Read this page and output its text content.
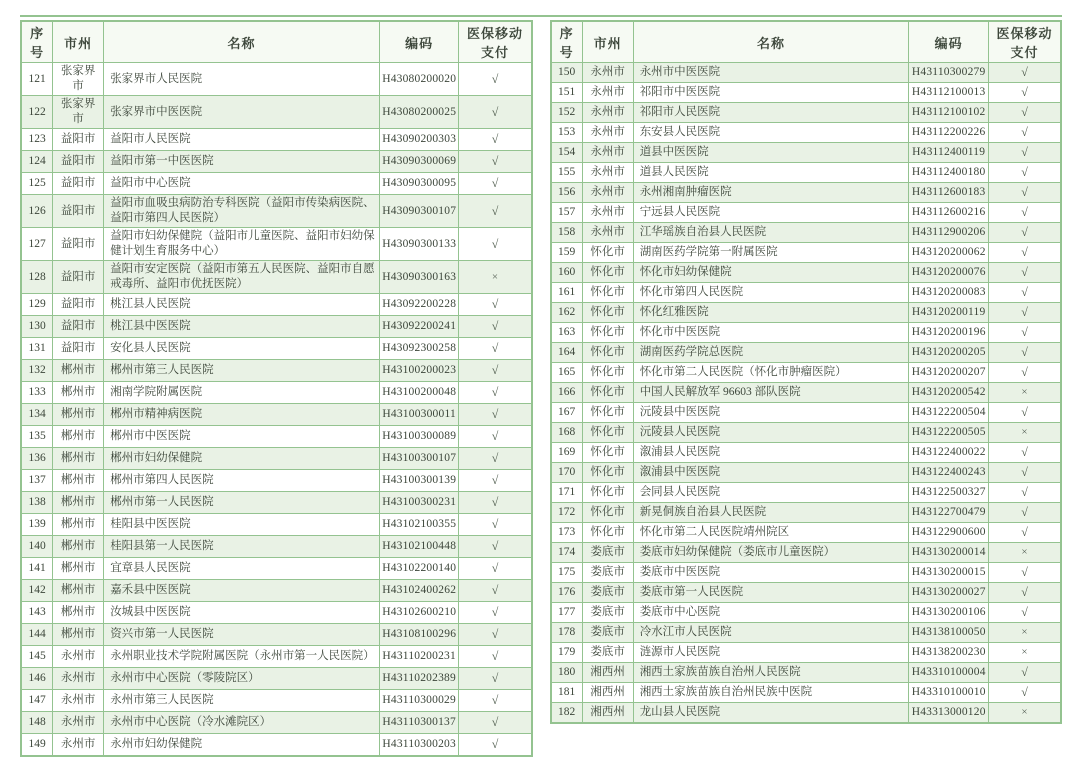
序号	市州	名称	编码	医保移动支付
121	张家界市	张家界市人民医院	H43080200020	√
122	张家界市	张家界市中医医院	H43080200025	√
123	益阳市	益阳市人民医院	H43090200303	√
124	益阳市	益阳市第一中医医院	H43090300069	√
125	益阳市	益阳市中心医院	H43090300095	√
126	益阳市	益阳市血吸虫病防治专科医院（益阳市传染病医院、益阳市第四人民医院）	H43090300107	√
127	益阳市	益阳市妇幼保健院（益阳市儿童医院、益阳市妇幼保健计划生育服务中心）	H43090300133	√
128	益阳市	益阳市安定医院（益阳市第五人民医院、益阳市自愿戒毒所、益阳市优抚医院）	H43090300163	×
129	益阳市	桃江县人民医院	H43092200228	√
130	益阳市	桃江县中医医院	H43092200241	√
131	益阳市	安化县人民医院	H43092300258	√
132	郴州市	郴州市第三人民医院	H43100200023	√
133	郴州市	湘南学院附属医院	H43100200048	√
134	郴州市	郴州市精神病医院	H43100300011	√
135	郴州市	郴州市中医医院	H43100300089	√
136	郴州市	郴州市妇幼保健院	H43100300107	√
137	郴州市	郴州市第四人民医院	H43100300139	√
138	郴州市	郴州市第一人民医院	H43100300231	√
139	郴州市	桂阳县中医医院	H43102100355	√
140	郴州市	桂阳县第一人民医院	H43102100448	√
141	郴州市	宜章县人民医院	H43102200140	√
142	郴州市	嘉禾县中医医院	H43102400262	√
143	郴州市	汝城县中医医院	H43102600210	√
144	郴州市	资兴市第一人民医院	H43108100296	√
145	永州市	永州职业技术学院附属医院（永州市第一人民医院）	H43110200231	√
146	永州市	永州市中心医院（零陵院区）	H43110202389	√
147	永州市	永州市第三人民医院	H43110300029	√
148	永州市	永州市中心医院（冷水滩院区）	H43110300137	√
149	永州市	永州市妇幼保健院	H43110300203	√
序号	市州	名称	编码	医保移动支付
150	永州市	永州市中医医院	H43110300279	√
151	永州市	祁阳市中医医院	H43112100013	√
152	永州市	祁阳市人民医院	H43112100102	√
153	永州市	东安县人民医院	H43112200226	√
154	永州市	道县中医医院	H43112400119	√
155	永州市	道县人民医院	H43112400180	√
156	永州市	永州湘南肿瘤医院	H43112600183	√
157	永州市	宁远县人民医院	H43112600216	√
158	永州市	江华瑶族自治县人民医院	H43112900206	√
159	怀化市	湖南医药学院第一附属医院	H43120200062	√
160	怀化市	怀化市妇幼保健院	H43120200076	√
161	怀化市	怀化市第四人民医院	H43120200083	√
162	怀化市	怀化红雅医院	H43120200119	√
163	怀化市	怀化市中医医院	H43120200196	√
164	怀化市	湖南医药学院总医院	H43120200205	√
165	怀化市	怀化市第二人民医院（怀化市肿瘤医院）	H43120200207	√
166	怀化市	中国人民解放军 96603 部队医院	H43120200542	×
167	怀化市	沅陵县中医医院	H43122200504	√
168	怀化市	沅陵县人民医院	H43122200505	×
169	怀化市	溆浦县人民医院	H43122400022	√
170	怀化市	溆浦县中医医院	H43122400243	√
171	怀化市	会同县人民医院	H43122500327	√
172	怀化市	新晃侗族自治县人民医院	H43122700479	√
173	怀化市	怀化市第二人民医院靖州院区	H43122900600	√
174	娄底市	娄底市妇幼保健院（娄底市儿童医院）	H43130200014	×
175	娄底市	娄底市中医医院	H43130200015	√
176	娄底市	娄底市第一人民医院	H43130200027	√
177	娄底市	娄底市中心医院	H43130200106	√
178	娄底市	冷水江市人民医院	H43138100050	×
179	娄底市	涟源市人民医院	H43138200230	×
180	湘西州	湘西土家族苗族自治州人民医院	H43310100004	√
181	湘西州	湘西土家族苗族自治州民族中医院	H43310100010	√
182	湘西州	龙山县人民医院	H43313000120	×
